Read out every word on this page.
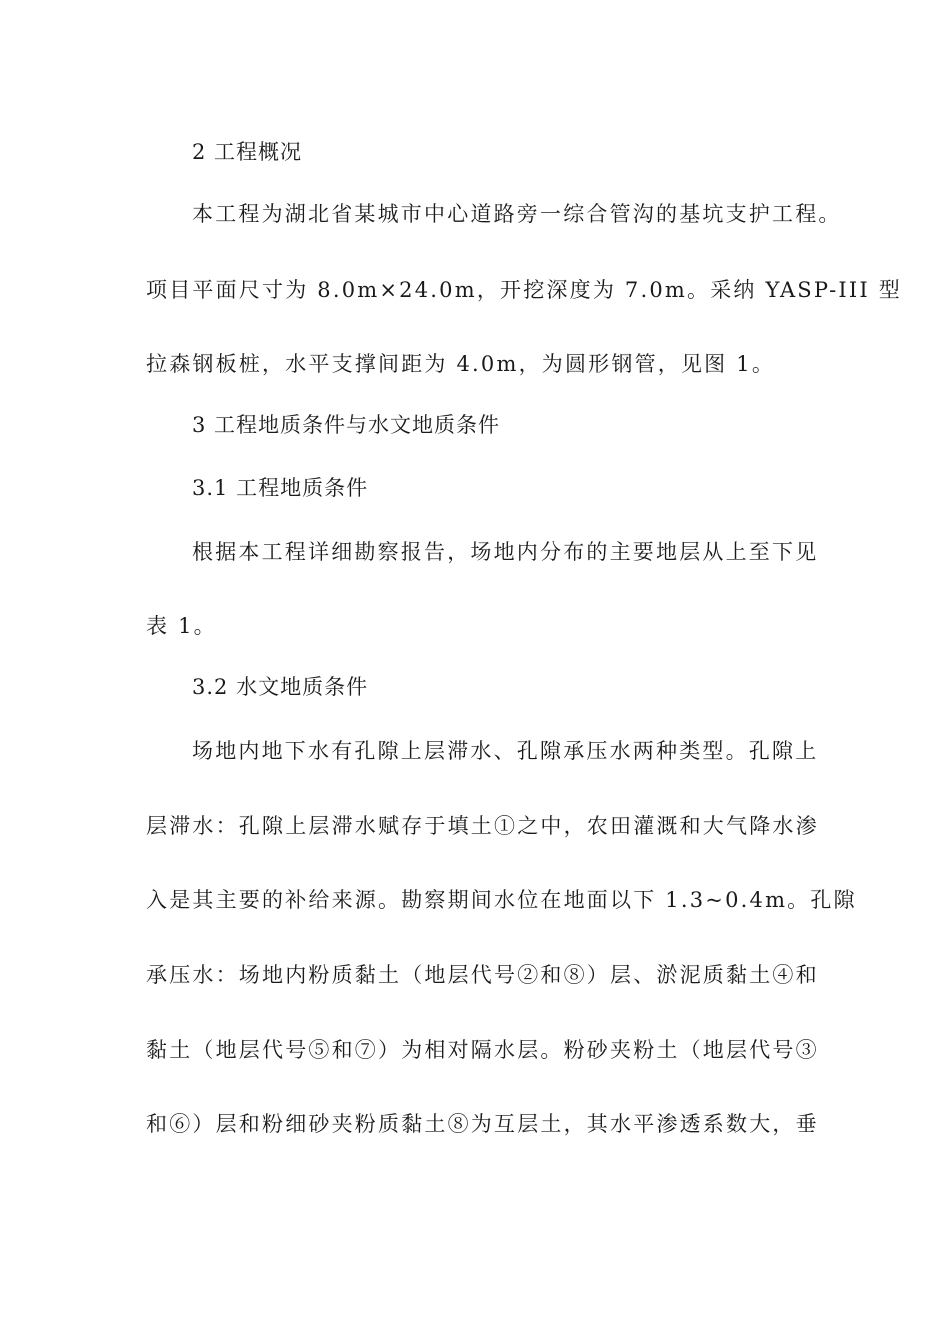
2 工程概况
本工程为湖北省某城市中心道路旁一综合管沟的基坑支护工程。
项目平面尺寸为 8.0m×24.0m，开挖深度为 7.0m。采纳 YASP-III 型
拉森钢板桩，水平支撑间距为 4.0m，为圆形钢管，见图 1。
3 工程地质条件与水文地质条件
3.1 工程地质条件
根据本工程详细勘察报告，场地内分布的主要地层从上至下见
表 1。
3.2 水文地质条件
场地内地下水有孔隙上层滞水、孔隙承压水两种类型。孔隙上
层滞水：孔隙上层滞水赋存于填土①之中，农田灌溉和大气降水渗
入是其主要的补给来源。勘察期间水位在地面以下 1.3~0.4m。孔隙
承压水：场地内粉质黏土（地层代号②和⑧）层、淤泥质黏土④和
黏土（地层代号⑤和⑦）为相对隔水层。粉砂夹粉土（地层代号③
和⑥）层和粉细砂夹粉质黏土⑧为互层土，其水平渗透系数大，垂
